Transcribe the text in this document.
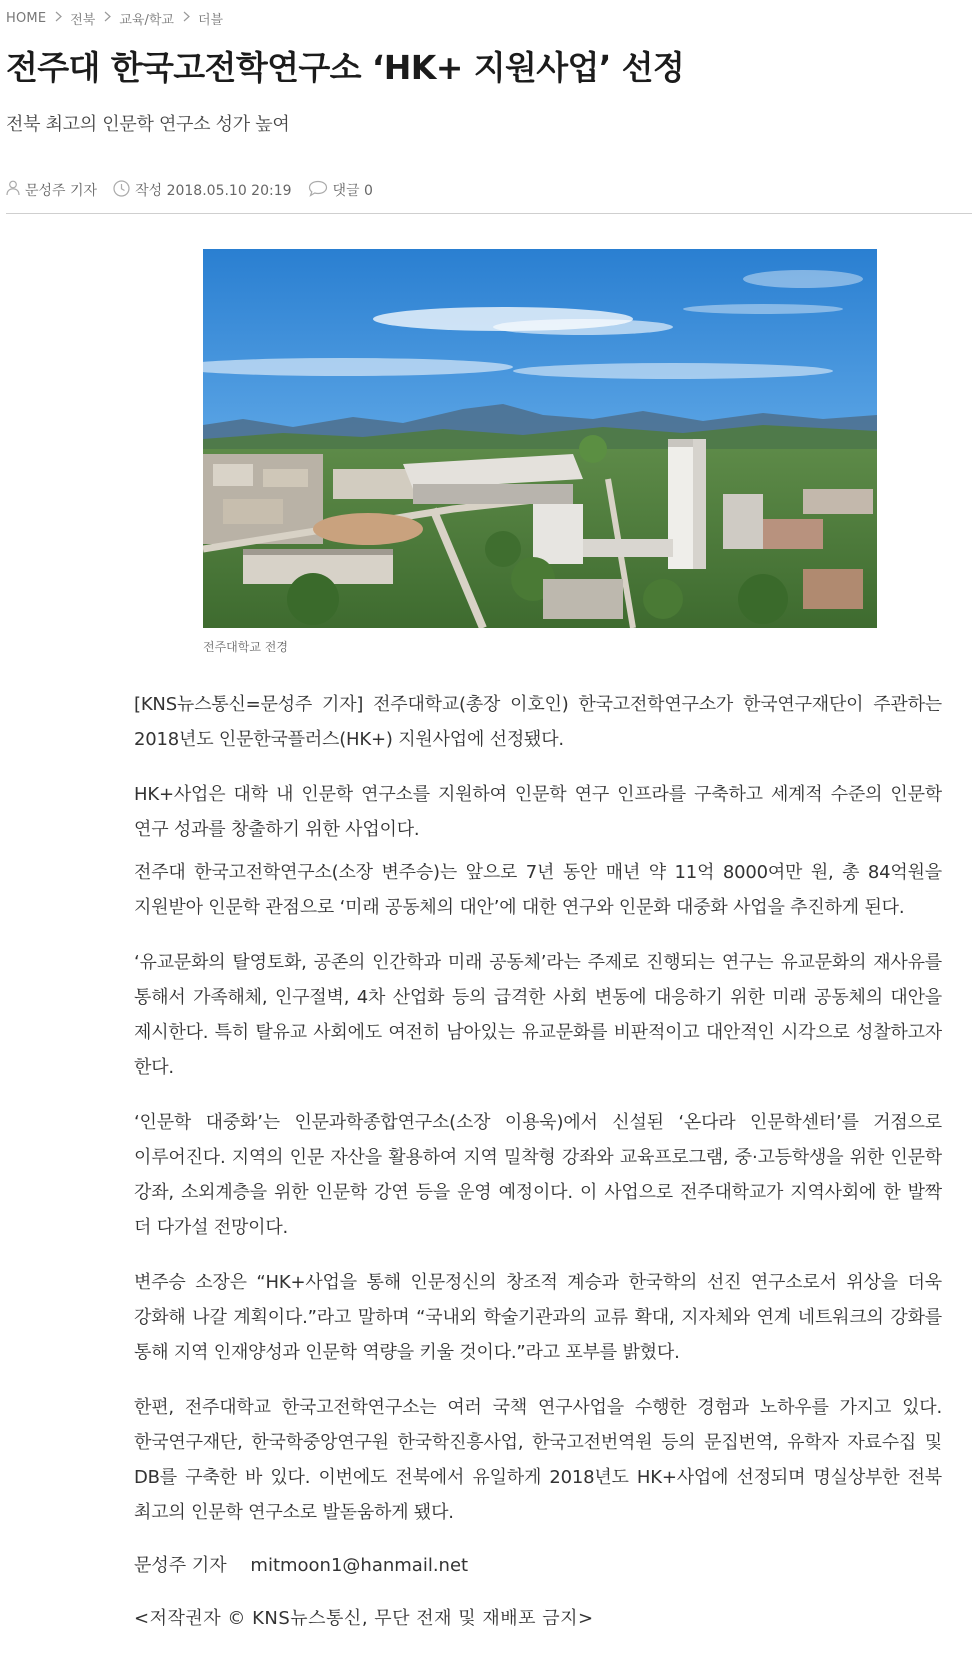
HOME 전북 교육/학교 더블
전주대 한국고전학연구소 ‘HK+ 지원사업’ 선정
전북 최고의 인문학 연구소 성가 높여
문성주 기자	작성 2018.05.10 20:19	댓글 0
전주대학교 전경

[KNS뉴스통신=문성주 기자] 전주대학교(총장 이호인) 한국고전학연구소가 한국연구재단이 주관하는 2018년도 인문한국플러스(HK+) 지원사업에 선정됐다.

HK+사업은 대학 내 인문학 연구소를 지원하여 인문학 연구 인프라를 구축하고 세계적 수준의 인문학 연구 성과를 창출하기 위한 사업이다.

전주대 한국고전학연구소(소장 변주승)는 앞으로 7년 동안 매년 약 11억 8000여만 원, 총 84억원을 지원받아 인문학 관점으로 ‘미래 공동체의 대안’에 대한 연구와 인문화 대중화 사업을 추진하게 된다.

‘유교문화의 탈영토화, 공존의 인간학과 미래 공동체’라는 주제로 진행되는 연구는 유교문화의 재사유를 통해서 가족해체, 인구절벽, 4차 산업화 등의 급격한 사회 변동에 대응하기 위한 미래 공동체의 대안을 제시한다. 특히 탈유교 사회에도 여전히 남아있는 유교문화를 비판적이고 대안적인 시각으로 성찰하고자 한다.

‘인문학 대중화’는 인문과학종합연구소(소장 이용욱)에서 신설된 ‘온다라 인문학센터’를 거점으로 이루어진다. 지역의 인문 자산을 활용하여 지역 밀착형 강좌와 교육프로그램, 중·고등학생을 위한 인문학 강좌, 소외계층을 위한 인문학 강연 등을 운영 예정이다. 이 사업으로 전주대학교가 지역사회에 한 발짝 더 다가설 전망이다.

변주승 소장은 “HK+사업을 통해 인문정신의 창조적 계승과 한국학의 선진 연구소로서 위상을 더욱 강화해 나갈 계획이다.”라고 말하며 “국내외 학술기관과의 교류 확대, 지자체와 연계 네트워크의 강화를 통해 지역 인재양성과 인문학 역량을 키울 것이다.”라고 포부를 밝혔다.

한편, 전주대학교 한국고전학연구소는 여러 국책 연구사업을 수행한 경험과 노하우를 가지고 있다. 한국연구재단, 한국학중앙연구원 한국학진흥사업, 한국고전번역원 등의 문집번역, 유학자 자료수집 및 DB를 구축한 바 있다. 이번에도 전북에서 유일하게 2018년도 HK+사업에 선정되며 명실상부한 전북 최고의 인문학 연구소로 발돋움하게 됐다.

문성주 기자 mitmoon1@hanmail.net
<저작권자 © KNS뉴스통신, 무단 전재 및 재배포 금지>
